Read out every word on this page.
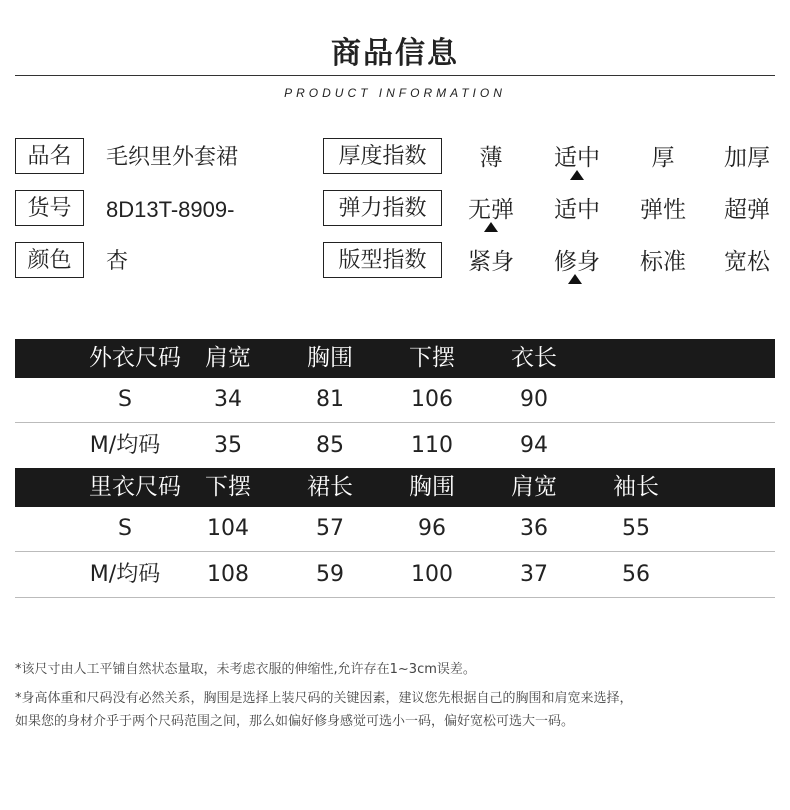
商品信息
PRODUCT INFORMATION
品名	毛织里外套裙
货号	8D13T-8909-
颜色	杏
厚度指数	薄	适中	厚	加厚
弹力指数	无弹	适中	弹性	超弹
版型指数	紧身	修身	标准	宽松
外衣尺码	肩宽	胸围	下摆	衣长
S	34	81	106	90
M/均码	35	85	110	94
里衣尺码	下摆	裙长	胸围	肩宽	袖长
S	104	57	96	36	55
M/均码	108	59	100	37	56
*该尺寸由人工平铺自然状态量取，未考虑衣服的伸缩性,允许存在1~3cm误差。
*身高体重和尺码没有必然关系，胸围是选择上装尺码的关键因素，建议您先根据自己的胸围和肩宽来选择，
如果您的身材介乎于两个尺码范围之间，那么如偏好修身感觉可选小一码，偏好宽松可选大一码。
